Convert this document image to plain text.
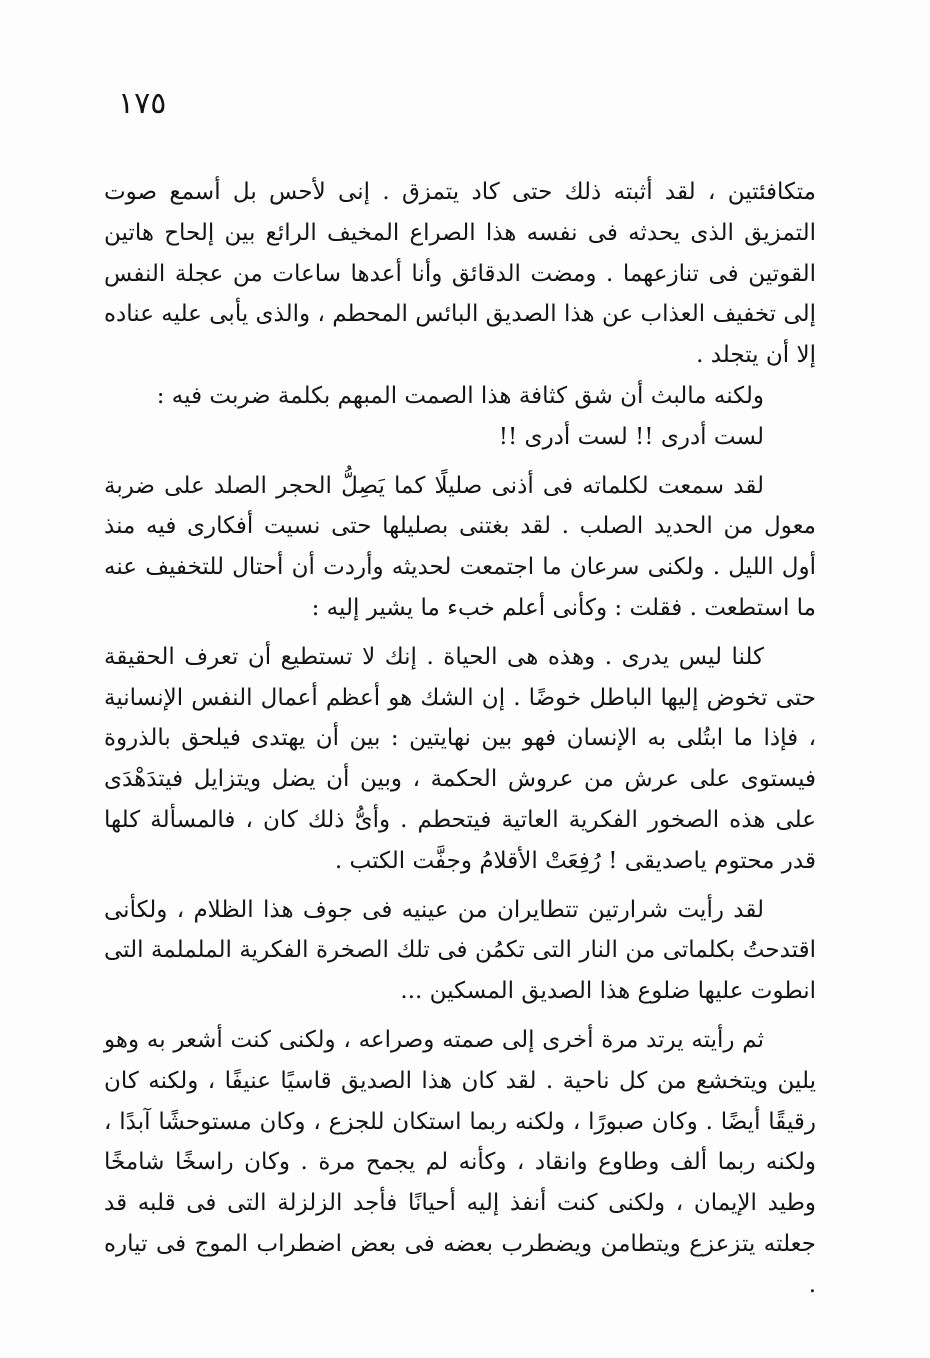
١٧٥

متكافئتين ، لقد أثبته ذلك حتى كاد يتمزق . إنى لأحس بل أسمع صوت التمزيق الذى يحدثه فى نفسه هذا الصراع المخيف الرائع بين إلحاح هاتين القوتين فى تنازعهما . ومضت الدقائق وأنا أعدها ساعات من عجلة النفس إلى تخفيف العذاب عن هذا الصديق البائس المحطم ، والذى يأبى عليه عناده إلا أن يتجلد .

ولكنه مالبث أن شق كثافة هذا الصمت المبهم بكلمة ضربت فيه :

لست أدرى !! لست أدرى !!

لقد سمعت لكلماته فى أذنى صليلًا كما يَصِلُّ الحجر الصلد على ضربة معول من الحديد الصلب . لقد بغتنى بصليلها حتى نسيت أفكارى فيه منذ أول الليل . ولكنى سرعان ما اجتمعت لحديثه وأردت أن أحتال للتخفيف عنه ما استطعت . فقلت : وكأنى أعلم خبء ما يشير إليه :

كلنا ليس يدرى . وهذه هى الحياة . إنك لا تستطيع أن تعرف الحقيقة حتى تخوض إليها الباطل خوضًا . إن الشك هو أعظم أعمال النفس الإنسانية ، فإذا ما ابتُلى به الإنسان فهو بين نهايتين : بين أن يهتدى فيلحق بالذروة فيستوى على عرش من عروش الحكمة ، وبين أن يضل ويتزايل فيتدَهْدَى على هذه الصخور الفكرية العاتية فيتحطم . وأىُّ ذلك كان ، فالمسألة كلها قدر محتوم ياصديقى ! رُفِعَتْ الأقلامُ وجفَّت الكتب .

لقد رأيت شرارتين تتطايران من عينيه فى جوف هذا الظلام ، ولكأنى اقتدحتُ بكلماتى من النار التى تكمُن فى تلك الصخرة الفكرية الململمة التى انطوت عليها ضلوع هذا الصديق المسكين ...

ثم رأيته يرتد مرة أخرى إلى صمته وصراعه ، ولكنى كنت أشعر به وهو يلين ويتخشع من كل ناحية . لقد كان هذا الصديق قاسيًا عنيفًا ، ولكنه كان رقيقًا أيضًا . وكان صبورًا ، ولكنه ربما استكان للجزع ، وكان مستوحشًا آبدًا ، ولكنه ربما ألف وطاوع وانقاد ، وكأنه لم يجمح مرة . وكان راسخًا شامخًا وطيد الإيمان ، ولكنى كنت أنفذ إليه أحيانًا فأجد الزلزلة التى فى قلبه قد جعلته يتزعزع ويتطامن ويضطرب بعضه فى بعض اضطراب الموج فى تياره .
